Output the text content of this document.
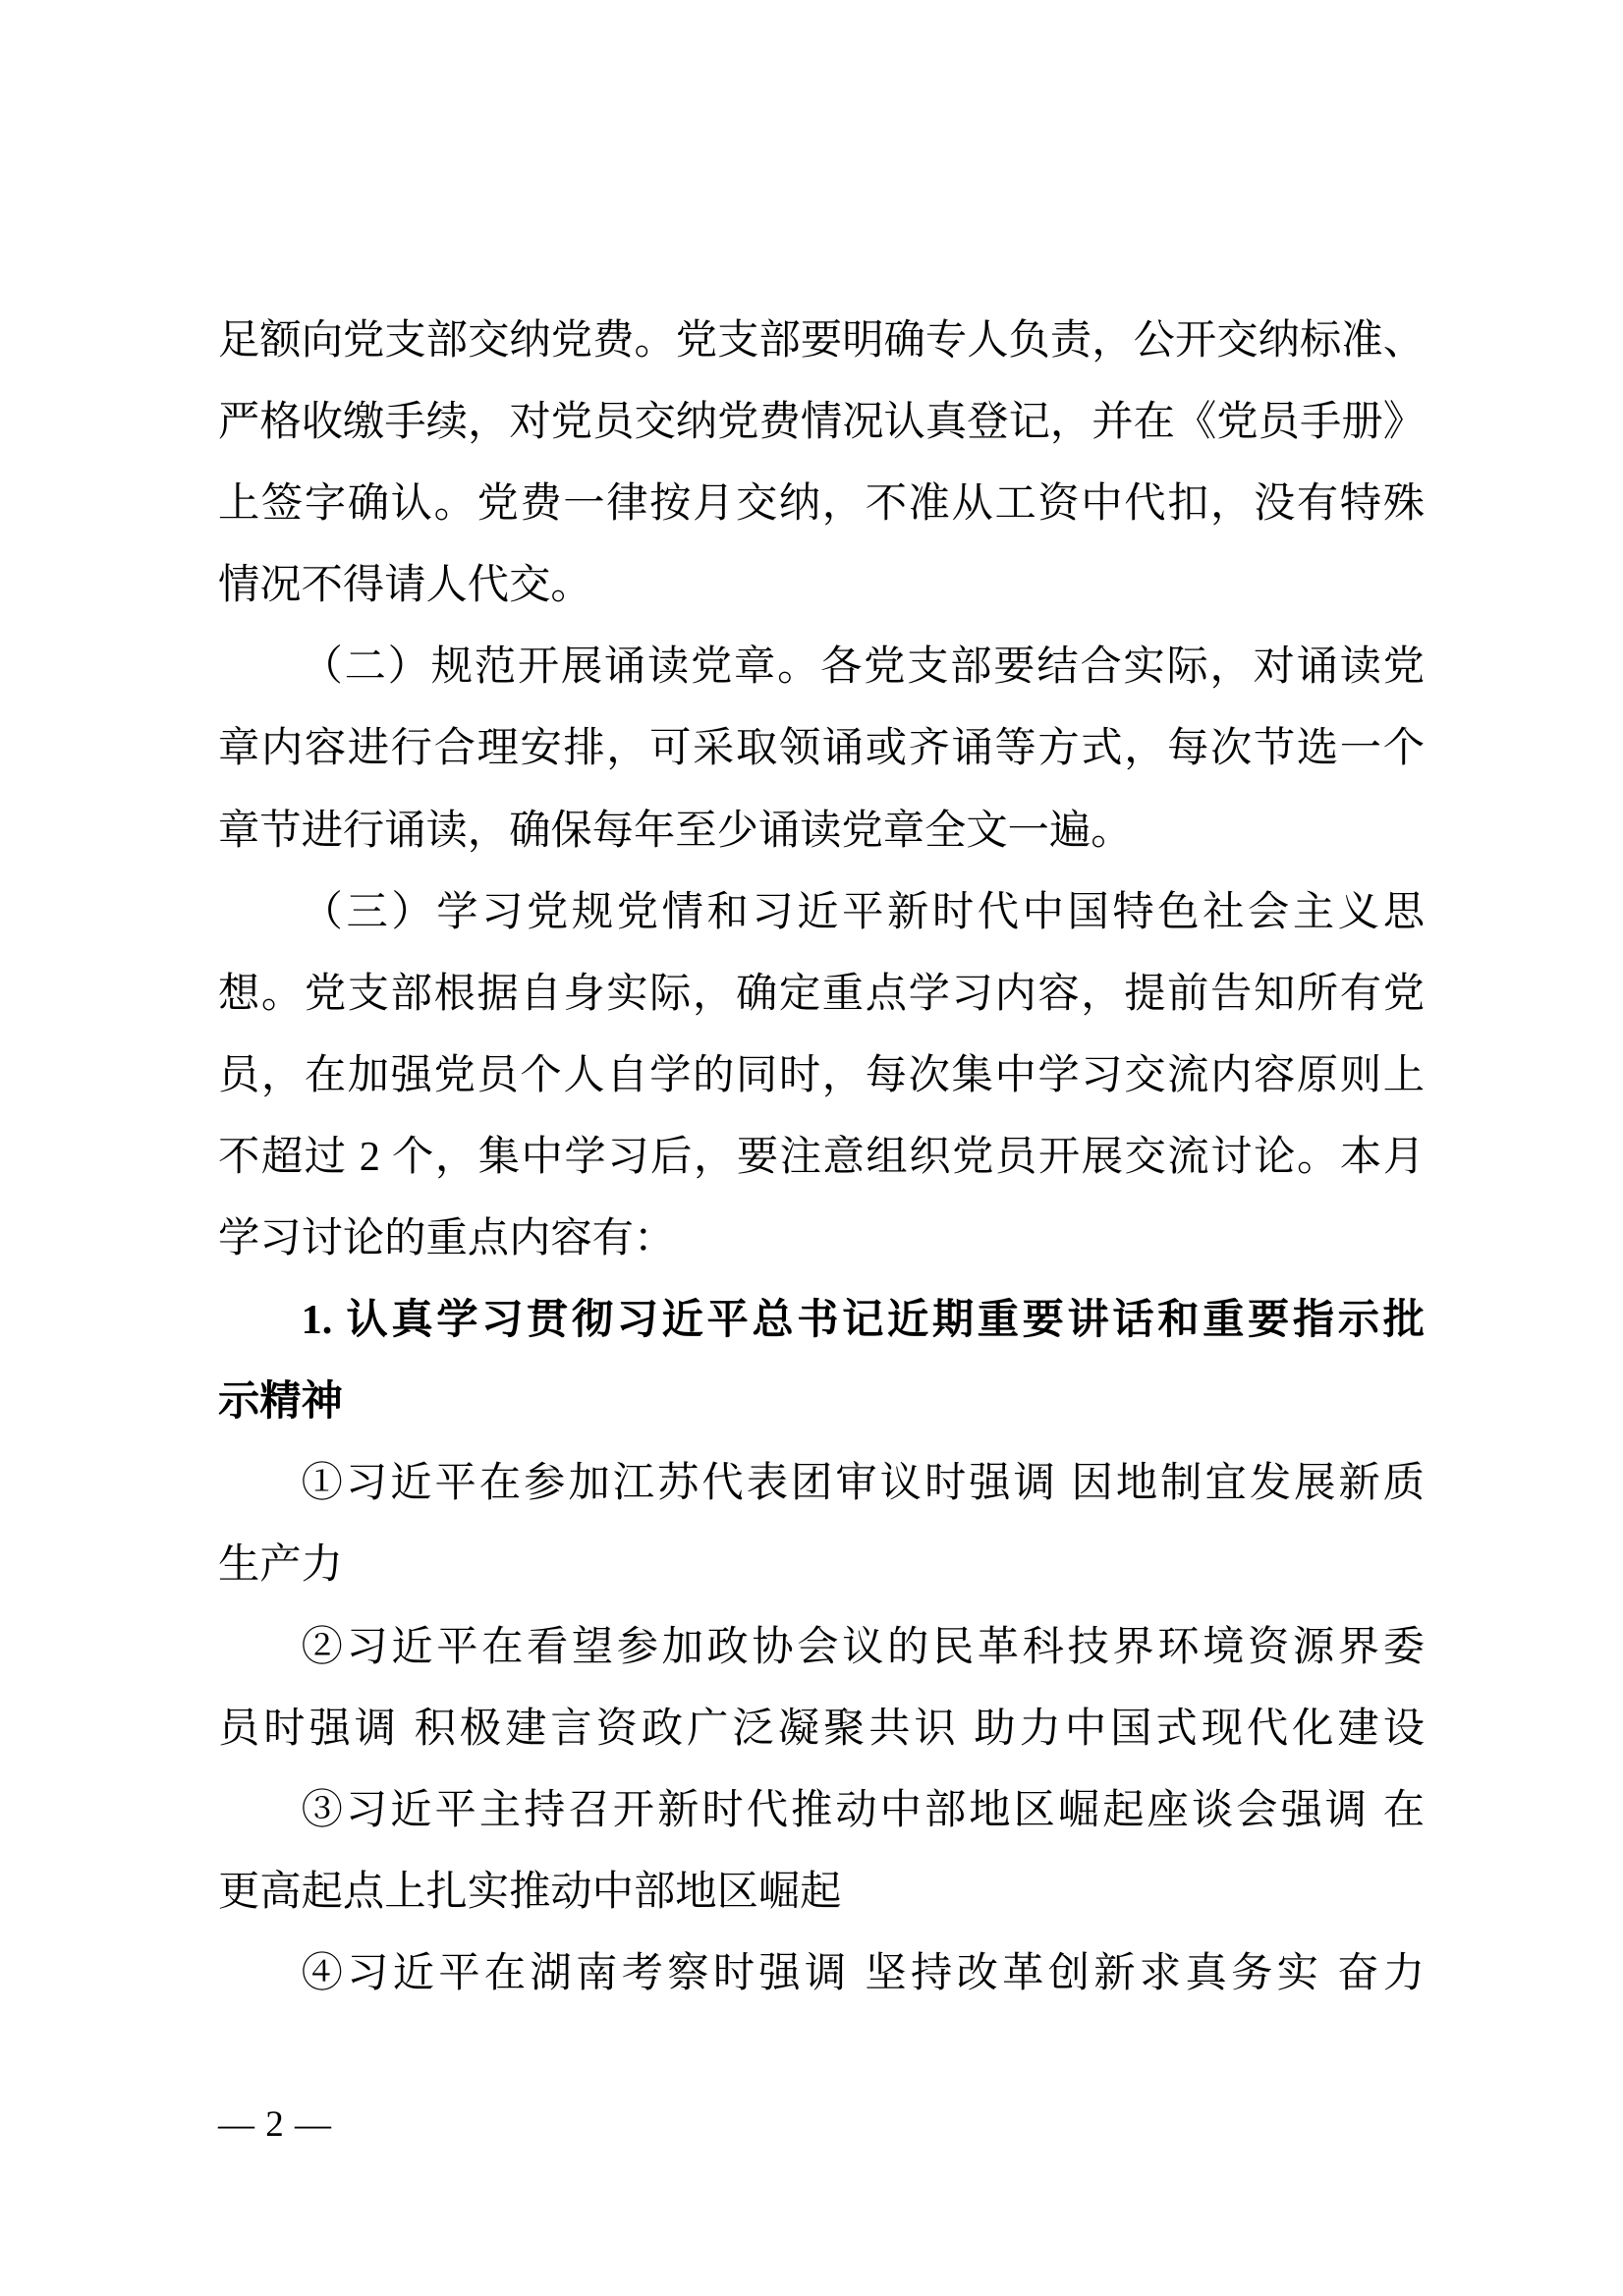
足额向党支部交纳党费。党支部要明确专人负责，公开交纳标准、
严格收缴手续，对党员交纳党费情况认真登记，并在《党员手册》
上签字确认。党费一律按月交纳，不准从工资中代扣，没有特殊
情况不得请人代交。
（二）规范开展诵读党章。各党支部要结合实际，对诵读党
章内容进行合理安排，可采取领诵或齐诵等方式，每次节选一个
章节进行诵读，确保每年至少诵读党章全文一遍。
（三）学习党规党情和习近平新时代中国特色社会主义思
想。党支部根据自身实际，确定重点学习内容，提前告知所有党
员，在加强党员个人自学的同时，每次集中学习交流内容原则上
不超过 2 个，集中学习后，要注意组织党员开展交流讨论。本月
学习讨论的重点内容有：
1. 认真学习贯彻习近平总书记近期重要讲话和重要指示批
示精神
①习近平在参加江苏代表团审议时强调 因地制宜发展新质
生产力
②习近平在看望参加政协会议的民革科技界环境资源界委
员时强调 积极建言资政广泛凝聚共识 助力中国式现代化建设
③习近平主持召开新时代推动中部地区崛起座谈会强调 在
更高起点上扎实推动中部地区崛起
④习近平在湖南考察时强调 坚持改革创新求真务实 奋力
— 2 —
